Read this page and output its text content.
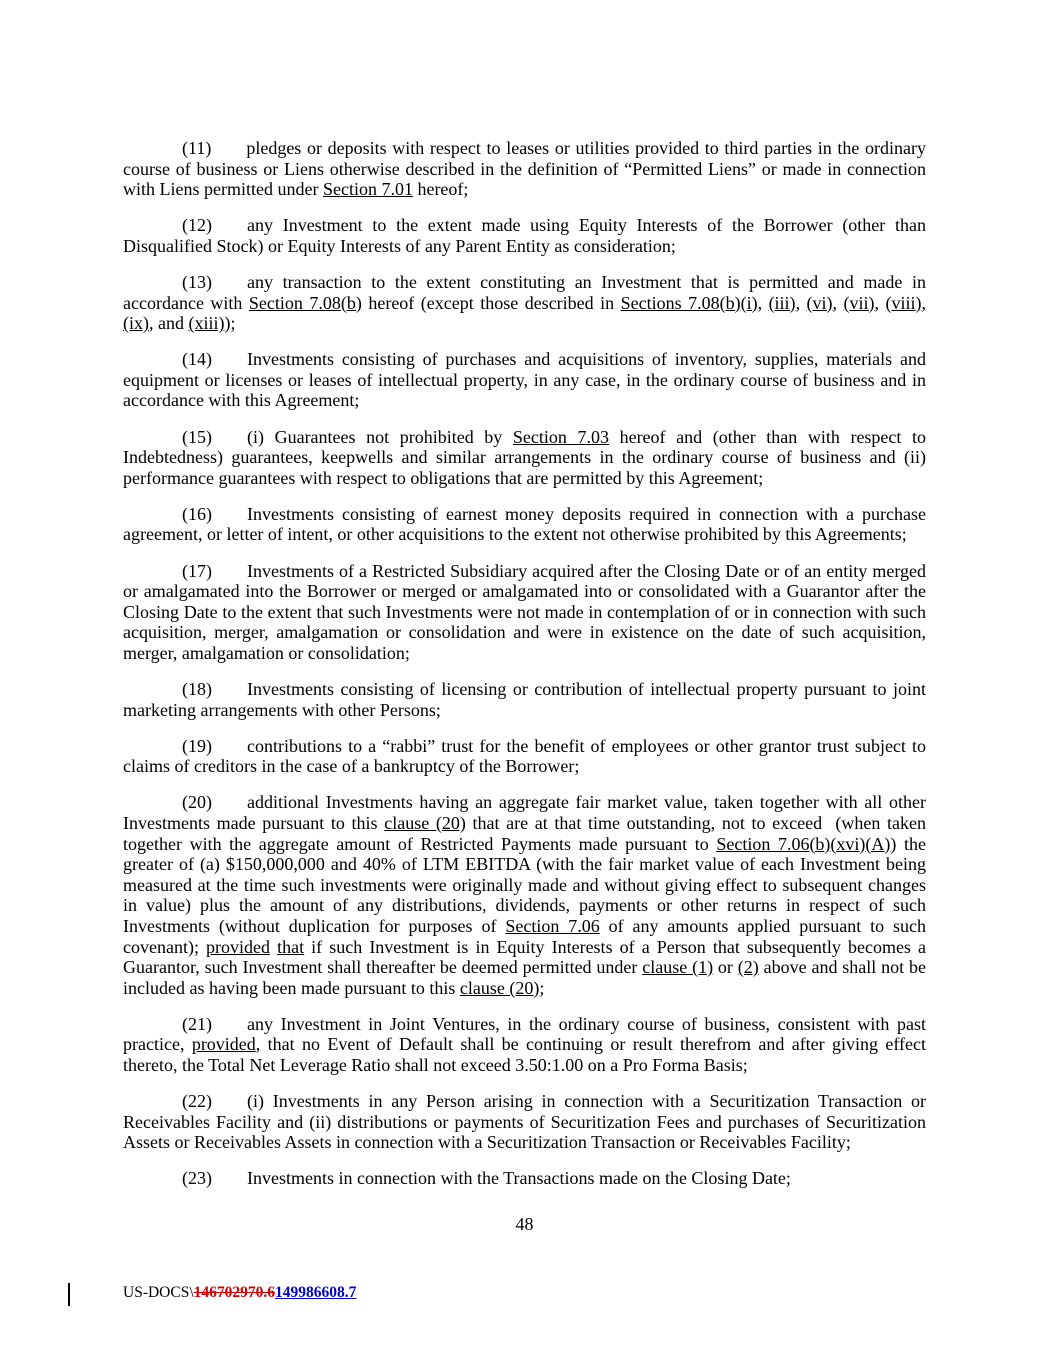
(11) pledges or deposits with respect to leases or utilities provided to third parties in the ordinary course of business or Liens otherwise described in the definition of “Permitted Liens” or made in connection with Liens permitted under Section 7.01 hereof;

(12) any Investment to the extent made using Equity Interests of the Borrower (other than Disqualified Stock) or Equity Interests of any Parent Entity as consideration;

(13) any transaction to the extent constituting an Investment that is permitted and made in accordance with Section 7.08(b) hereof (except those described in Sections 7.08(b)(i), (iii), (vi), (vii), (viii), (ix), and (xiii));

(14) Investments consisting of purchases and acquisitions of inventory, supplies, materials and equipment or licenses or leases of intellectual property, in any case, in the ordinary course of business and in accordance with this Agreement;

(15) (i) Guarantees not prohibited by Section 7.03 hereof and (other than with respect to Indebtedness) guarantees, keepwells and similar arrangements in the ordinary course of business and (ii) performance guarantees with respect to obligations that are permitted by this Agreement;

(16) Investments consisting of earnest money deposits required in connection with a purchase agreement, or letter of intent, or other acquisitions to the extent not otherwise prohibited by this Agreements;

(17) Investments of a Restricted Subsidiary acquired after the Closing Date or of an entity merged or amalgamated into the Borrower or merged or amalgamated into or consolidated with a Guarantor after the Closing Date to the extent that such Investments were not made in contemplation of or in connection with such acquisition, merger, amalgamation or consolidation and were in existence on the date of such acquisition, merger, amalgamation or consolidation;

(18) Investments consisting of licensing or contribution of intellectual property pursuant to joint marketing arrangements with other Persons;

(19) contributions to a “rabbi” trust for the benefit of employees or other grantor trust subject to claims of creditors in the case of a bankruptcy of the Borrower;

(20) additional Investments having an aggregate fair market value, taken together with all other Investments made pursuant to this clause (20) that are at that time outstanding, not to exceed  (when taken together with the aggregate amount of Restricted Payments made pursuant to Section 7.06(b)(xvi)(A)) the greater of (a) $150,000,000 and 40% of LTM EBITDA (with the fair market value of each Investment being measured at the time such investments were originally made and without giving effect to subsequent changes in value) plus the amount of any distributions, dividends, payments or other returns in respect of such Investments (without duplication for purposes of Section 7.06 of any amounts applied pursuant to such covenant); provided that if such Investment is in Equity Interests of a Person that subsequently becomes a Guarantor, such Investment shall thereafter be deemed permitted under clause (1) or (2) above and shall not be included as having been made pursuant to this clause (20);

(21) any Investment in Joint Ventures, in the ordinary course of business, consistent with past practice, provided, that no Event of Default shall be continuing or result therefrom and after giving effect thereto, the Total Net Leverage Ratio shall not exceed 3.50:1.00 on a Pro Forma Basis;

(22) (i) Investments in any Person arising in connection with a Securitization Transaction or Receivables Facility and (ii) distributions or payments of Securitization Fees and purchases of Securitization Assets or Receivables Assets in connection with a Securitization Transaction or Receivables Facility;

(23) Investments in connection with the Transactions made on the Closing Date;

48
US-DOCS\146702970.6149986608.7
